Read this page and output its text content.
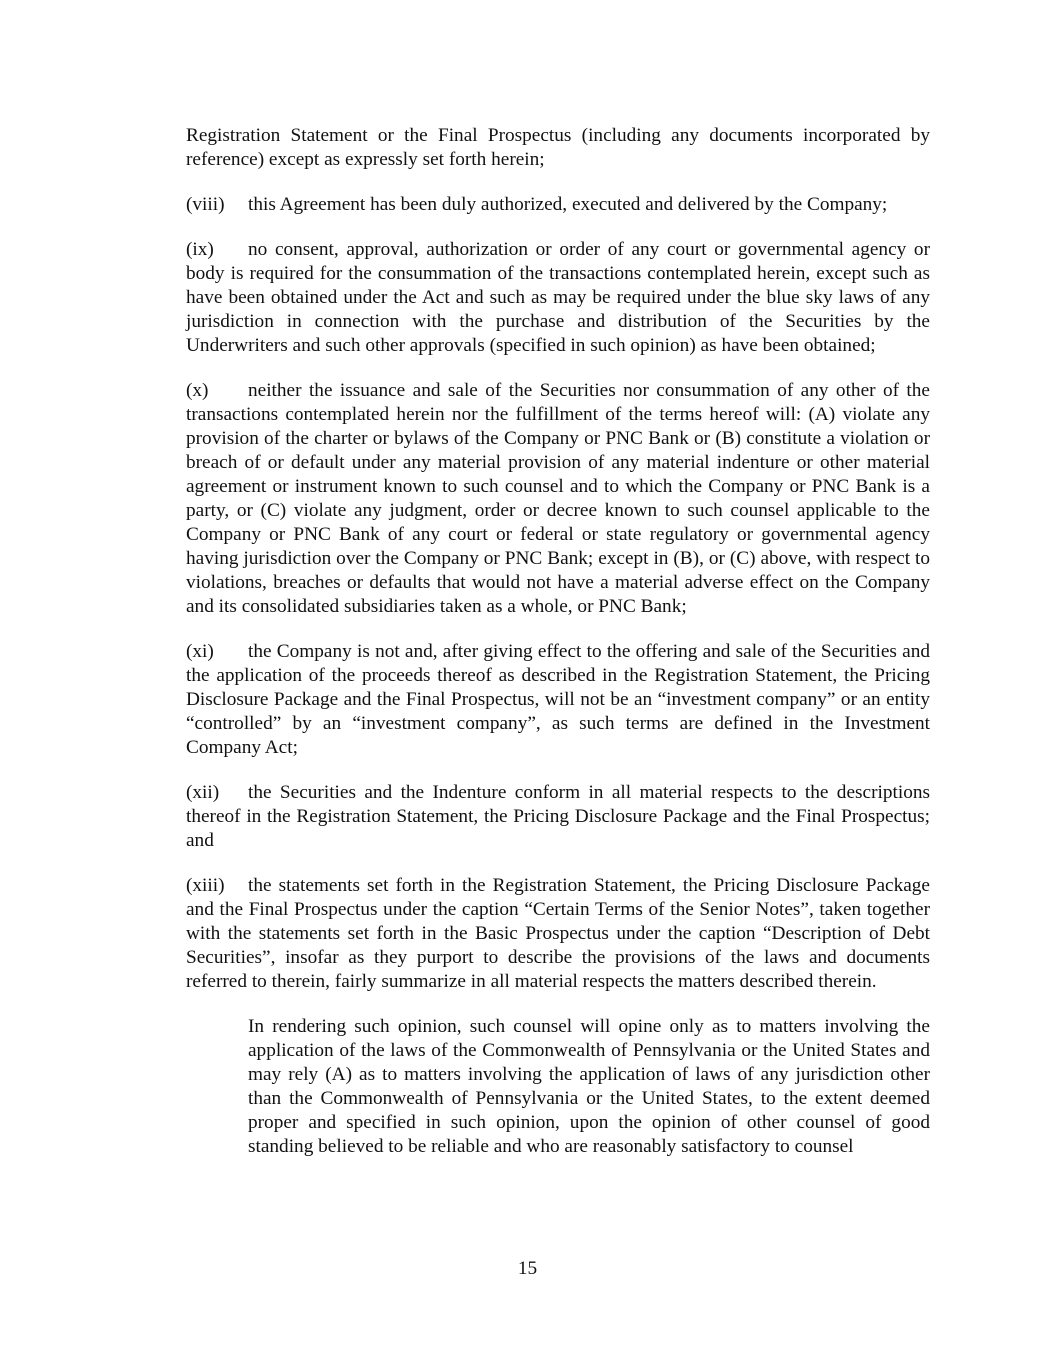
Registration Statement or the Final Prospectus (including any documents incorporated by reference) except as expressly set forth herein;

(viii) this Agreement has been duly authorized, executed and delivered by the Company;

(ix) no consent, approval, authorization or order of any court or governmental agency or body is required for the consummation of the transactions contemplated herein, except such as have been obtained under the Act and such as may be required under the blue sky laws of any jurisdiction in connection with the purchase and distribution of the Securities by the Underwriters and such other approvals (specified in such opinion) as have been obtained;

(x) neither the issuance and sale of the Securities nor consummation of any other of the transactions contemplated herein nor the fulfillment of the terms hereof will: (A) violate any provision of the charter or bylaws of the Company or PNC Bank or (B) constitute a violation or breach of or default under any material provision of any material indenture or other material agreement or instrument known to such counsel and to which the Company or PNC Bank is a party, or (C) violate any judgment, order or decree known to such counsel applicable to the Company or PNC Bank of any court or federal or state regulatory or governmental agency having jurisdiction over the Company or PNC Bank; except in (B), or (C) above, with respect to violations, breaches or defaults that would not have a material adverse effect on the Company and its consolidated subsidiaries taken as a whole, or PNC Bank;

(xi) the Company is not and, after giving effect to the offering and sale of the Securities and the application of the proceeds thereof as described in the Registration Statement, the Pricing Disclosure Package and the Final Prospectus, will not be an “investment company” or an entity “controlled” by an “investment company”, as such terms are defined in the Investment Company Act;

(xii) the Securities and the Indenture conform in all material respects to the descriptions thereof in the Registration Statement, the Pricing Disclosure Package and the Final Prospectus; and

(xiii) the statements set forth in the Registration Statement, the Pricing Disclosure Package and the Final Prospectus under the caption “Certain Terms of the Senior Notes”, taken together with the statements set forth in the Basic Prospectus under the caption “Description of Debt Securities”, insofar as they purport to describe the provisions of the laws and documents referred to therein, fairly summarize in all material respects the matters described therein.

In rendering such opinion, such counsel will opine only as to matters involving the application of the laws of the Commonwealth of Pennsylvania or the United States and may rely (A) as to matters involving the application of laws of any jurisdiction other than the Commonwealth of Pennsylvania or the United States, to the extent deemed proper and specified in such opinion, upon the opinion of other counsel of good standing believed to be reliable and who are reasonably satisfactory to counsel

15
